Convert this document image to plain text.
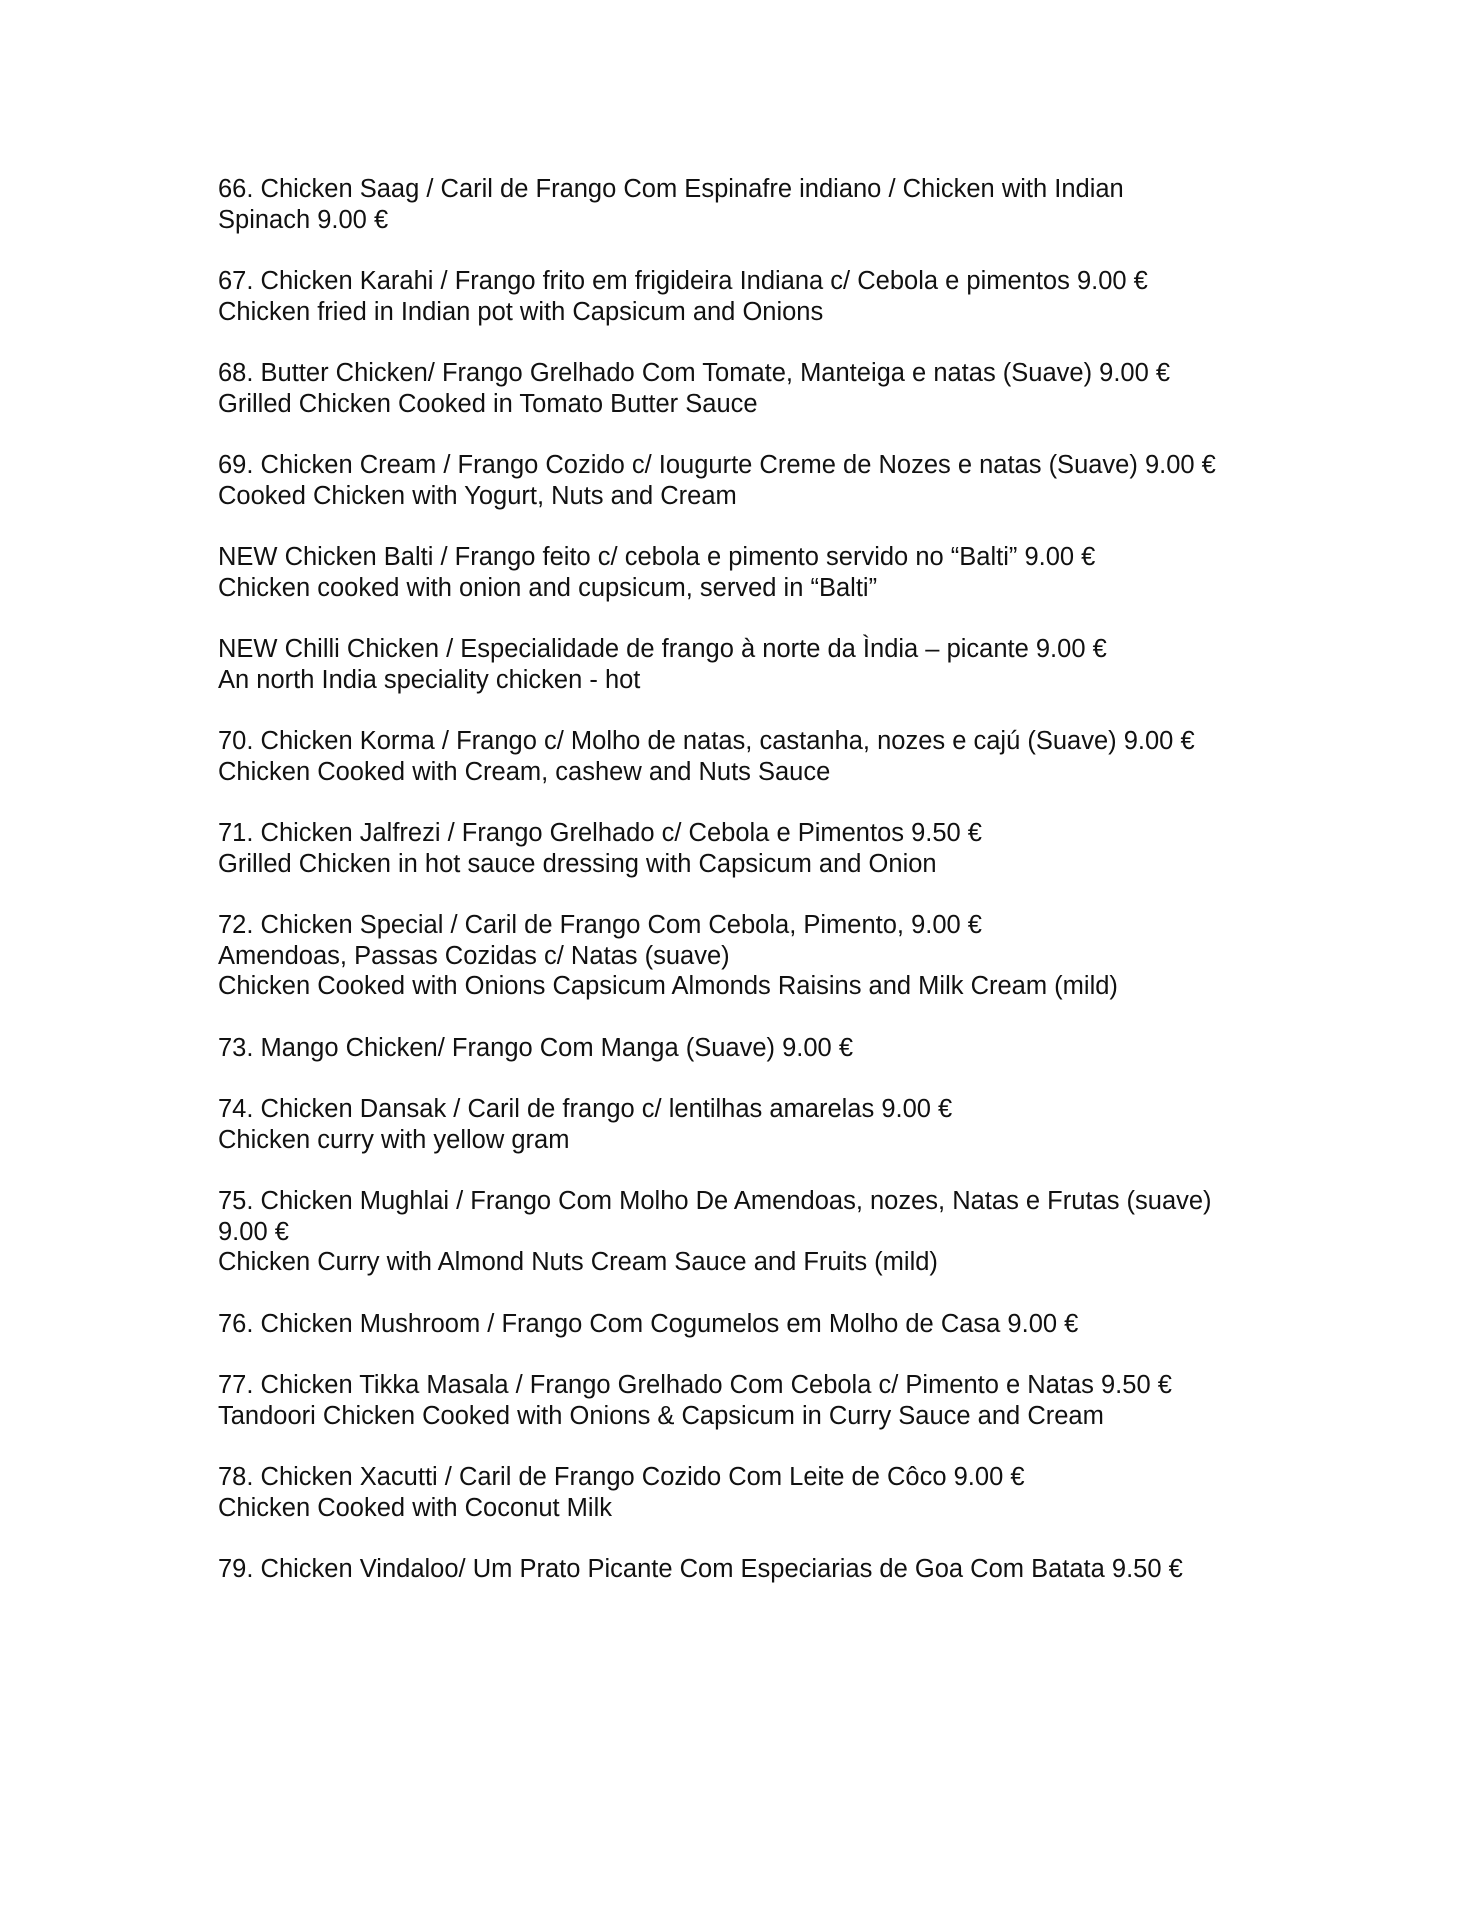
66. Chicken Saag / Caril de Frango Com Espinafre indiano / Chicken with Indian
Spinach 9.00 €
67. Chicken Karahi / Frango frito em frigideira Indiana c/ Cebola e pimentos 9.00 €
Chicken fried in Indian pot with Capsicum and Onions
68. Butter Chicken/ Frango Grelhado Com Tomate, Manteiga e natas (Suave) 9.00 €
Grilled Chicken Cooked in Tomato Butter Sauce
69. Chicken Cream / Frango Cozido c/ Iougurte Creme de Nozes e natas (Suave) 9.00 €
Cooked Chicken with Yogurt, Nuts and Cream
NEW Chicken Balti / Frango feito c/ cebola e pimento servido no “Balti” 9.00 €
Chicken cooked with onion and cupsicum, served in “Balti”
NEW Chilli Chicken / Especialidade de frango à norte da Ìndia – picante 9.00 €
An north India speciality chicken - hot
70. Chicken Korma / Frango c/ Molho de natas, castanha, nozes e cajú (Suave) 9.00 €
Chicken Cooked with Cream, cashew and Nuts Sauce
71. Chicken Jalfrezi / Frango Grelhado c/ Cebola e Pimentos 9.50 €
Grilled Chicken in hot sauce dressing with Capsicum and Onion
72. Chicken Special / Caril de Frango Com Cebola, Pimento, 9.00 €
Amendoas, Passas Cozidas c/ Natas (suave)
Chicken Cooked with Onions Capsicum Almonds Raisins and Milk Cream (mild)
73. Mango Chicken/ Frango Com Manga (Suave) 9.00 €
74. Chicken Dansak / Caril de frango c/ lentilhas amarelas 9.00 €
Chicken curry with yellow gram
75. Chicken Mughlai / Frango Com Molho De Amendoas, nozes, Natas e Frutas (suave)
9.00 €
Chicken Curry with Almond Nuts Cream Sauce and Fruits (mild)
76. Chicken Mushroom / Frango Com Cogumelos em Molho de Casa 9.00 €
77. Chicken Tikka Masala / Frango Grelhado Com Cebola c/ Pimento e Natas 9.50 €
Tandoori Chicken Cooked with Onions & Capsicum in Curry Sauce and Cream
78. Chicken Xacutti / Caril de Frango Cozido Com Leite de Côco 9.00 €
Chicken Cooked with Coconut Milk
79. Chicken Vindaloo/ Um Prato Picante Com Especiarias de Goa Com Batata 9.50 €
